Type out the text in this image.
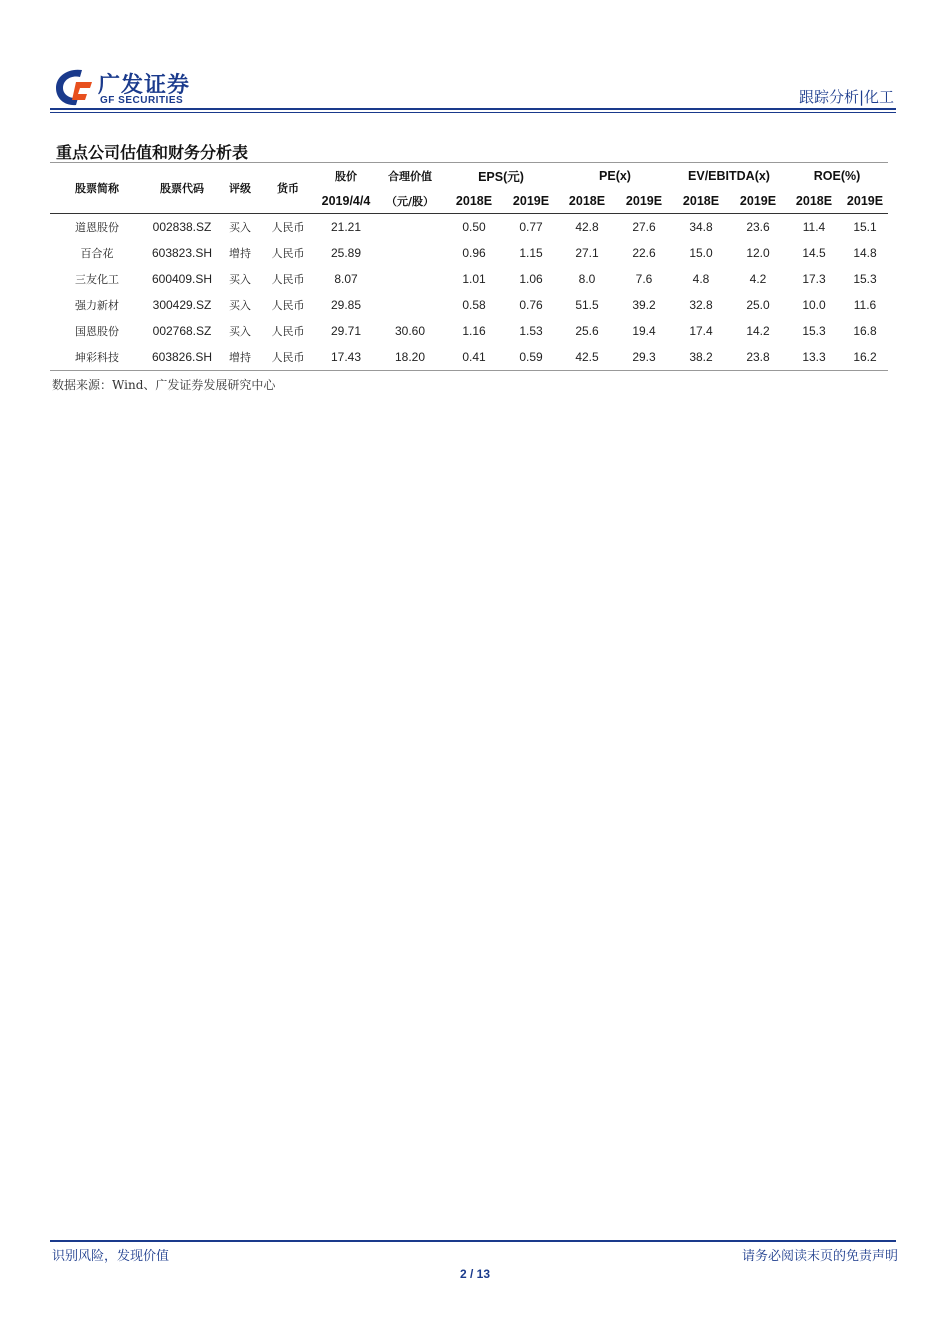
广发证券
GF SECURITIES	跟踪分析|化工
重点公司估值和财务分析表
股票简称	股票代码	评级	货币	股价	合理价值	EPS(元)		PE(x)		EV/EBITDA(x)		ROE(%)	
				2019/4/4	（元/股）	2018E	2019E	2018E	2019E	2018E	2019E	2018E	2019E
道恩股份	002838.SZ	买入	人民币	21.21		0.50	0.77	42.8	27.6	34.8	23.6	11.4	15.1
百合花	603823.SH	增持	人民币	25.89		0.96	1.15	27.1	22.6	15.0	12.0	14.5	14.8
三友化工	600409.SH	买入	人民币	8.07		1.01	1.06	8.0	7.6	4.8	4.2	17.3	15.3
强力新材	300429.SZ	买入	人民币	29.85		0.58	0.76	51.5	39.2	32.8	25.0	10.0	11.6
国恩股份	002768.SZ	买入	人民币	29.71	30.60	1.16	1.53	25.6	19.4	17.4	14.2	15.3	16.8
坤彩科技	603826.SH	增持	人民币	17.43	18.20	0.41	0.59	42.5	29.3	38.2	23.8	13.3	16.2
数据来源：Wind、广发证券发展研究中心
识别风险，发现价值	请务必阅读末页的免责声明
2 / 13
